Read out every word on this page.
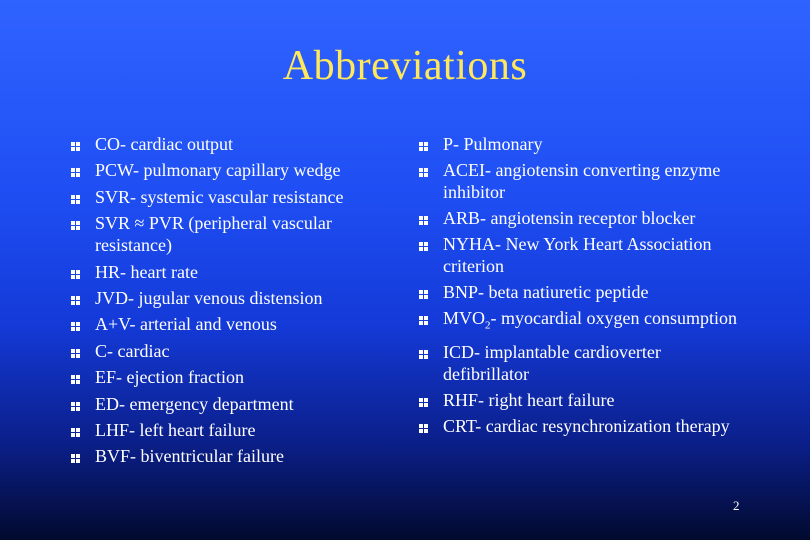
Abbreviations
CO- cardiac output
PCW- pulmonary capillary wedge
SVR- systemic vascular resistance
SVR ≈ PVR (peripheral vascular resistance)
HR- heart rate
JVD- jugular venous distension
A+V- arterial and venous
C- cardiac
EF- ejection fraction
ED- emergency department
LHF- left heart failure
BVF- biventricular failure
P- Pulmonary
ACEI- angiotensin converting enzyme inhibitor
ARB- angiotensin receptor blocker
NYHA- New York Heart Association criterion
BNP- beta natiuretic peptide
$MVO_2-$ myocardial oxygen consumption
ICD- implantable cardioverter defibrillator
RHF- right heart failure
CRT- cardiac resynchronization therapy
2
